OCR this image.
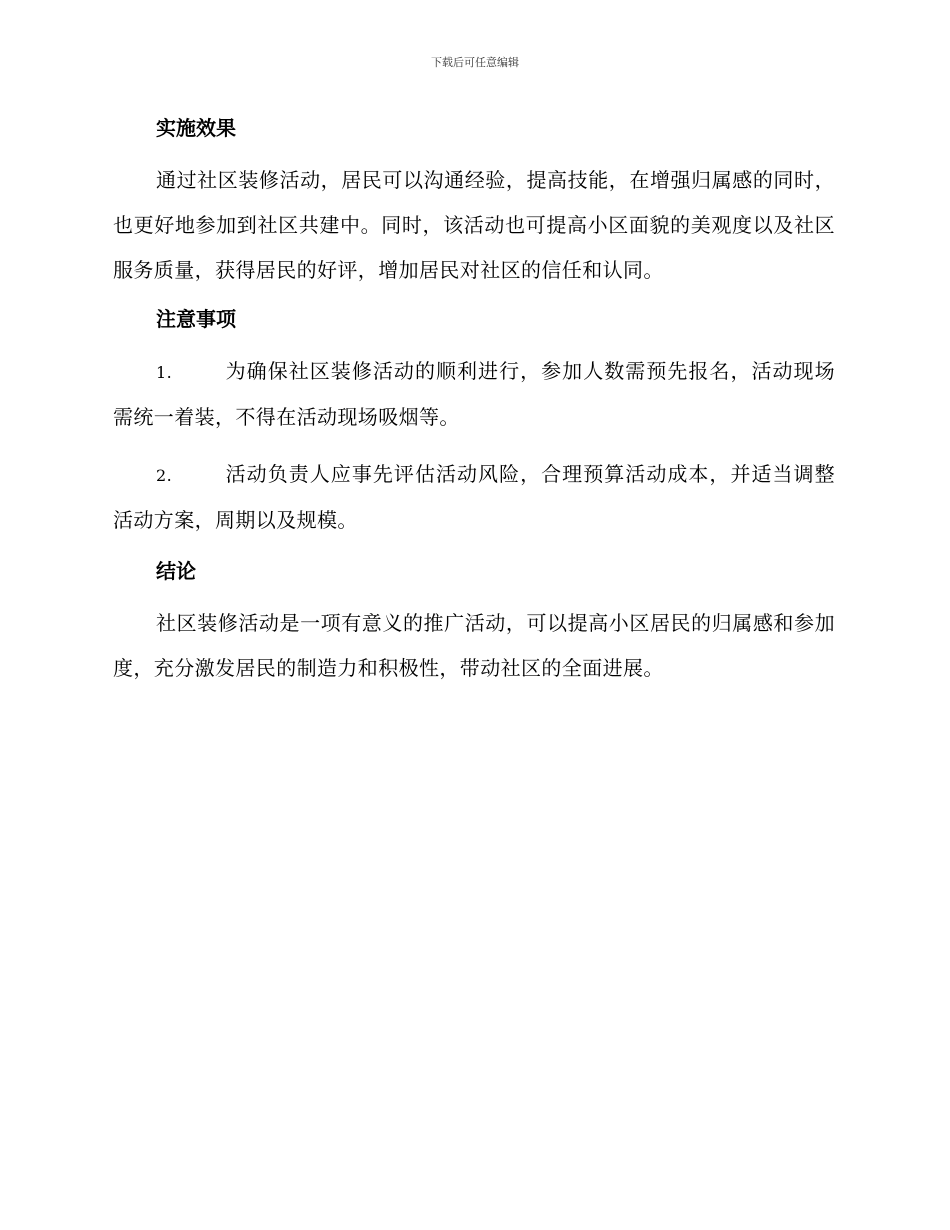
下载后可任意编辑
实施效果

通过社区装修活动，居民可以沟通经验，提高技能，在增强归属感的同时，也更好地参加到社区共建中。同时，该活动也可提高小区面貌的美观度以及社区服务质量，获得居民的好评，增加居民对社区的信任和认同。

注意事项
1.	为确保社区装修活动的顺利进行，参加人数需预先报名，活动现场需统一着装，不得在活动现场吸烟等。
2.	活动负责人应事先评估活动风险，合理预算活动成本，并适当调整活动方案，周期以及规模。
结论

社区装修活动是一项有意义的推广活动，可以提高小区居民的归属感和参加度，充分激发居民的制造力和积极性，带动社区的全面进展。
